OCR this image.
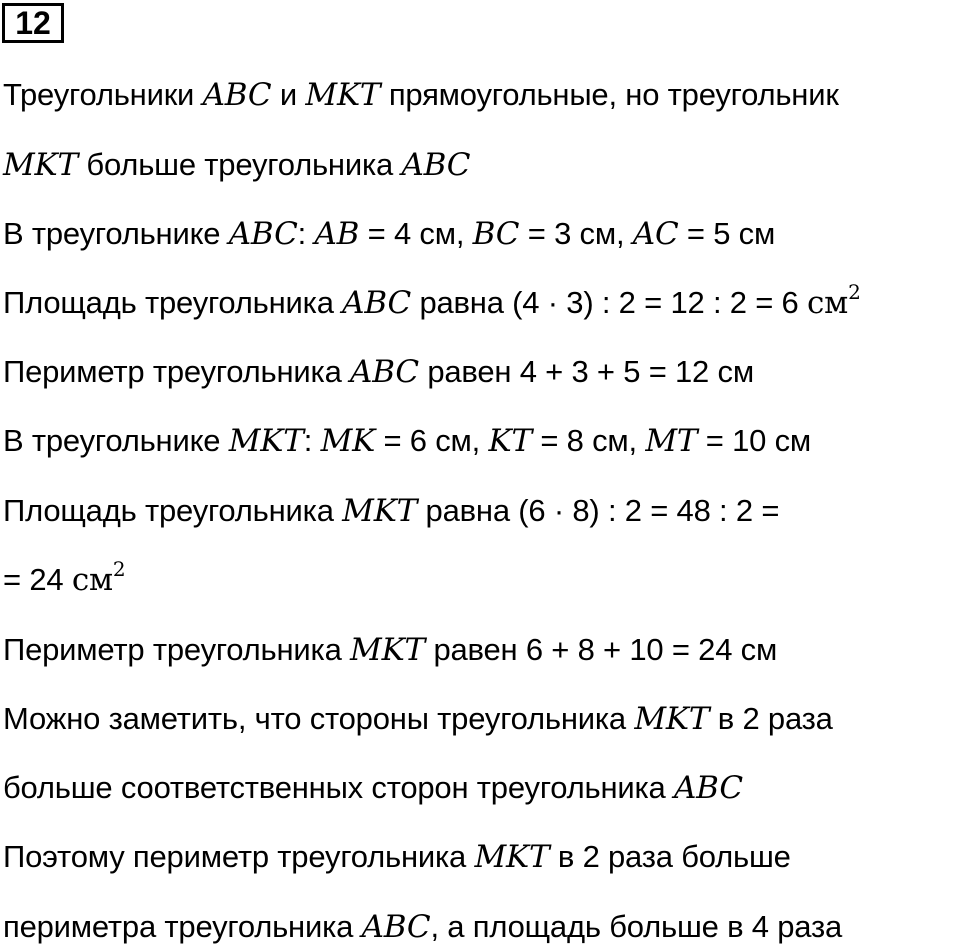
12
Треугольники ABC и MKT прямоугольные, но треугольник
MKT больше треугольника ABC
В треугольнике ABC: AB = 4 см, BC = 3 см, AC = 5 см
Площадь треугольника ABC равна (4 · 3) : 2 = 12 : 2 = 6 $см^2$
Периметр треугольника ABC равен 4 + 3 + 5 = 12 см
В треугольнике MKT: MK = 6 см, KT = 8 см, MT = 10 см
Площадь треугольника MKT равна (6 · 8) : 2 = 48 : 2 =
= 24 $см^2$
Периметр треугольника MKT равен 6 + 8 + 10 = 24 см
Можно заметить, что стороны треугольника MKT в 2 раза
больше соответственных сторон треугольника ABC
Поэтому периметр треугольника MKT в 2 раза больше
периметра треугольника ABC, а площадь больше в 4 раза
